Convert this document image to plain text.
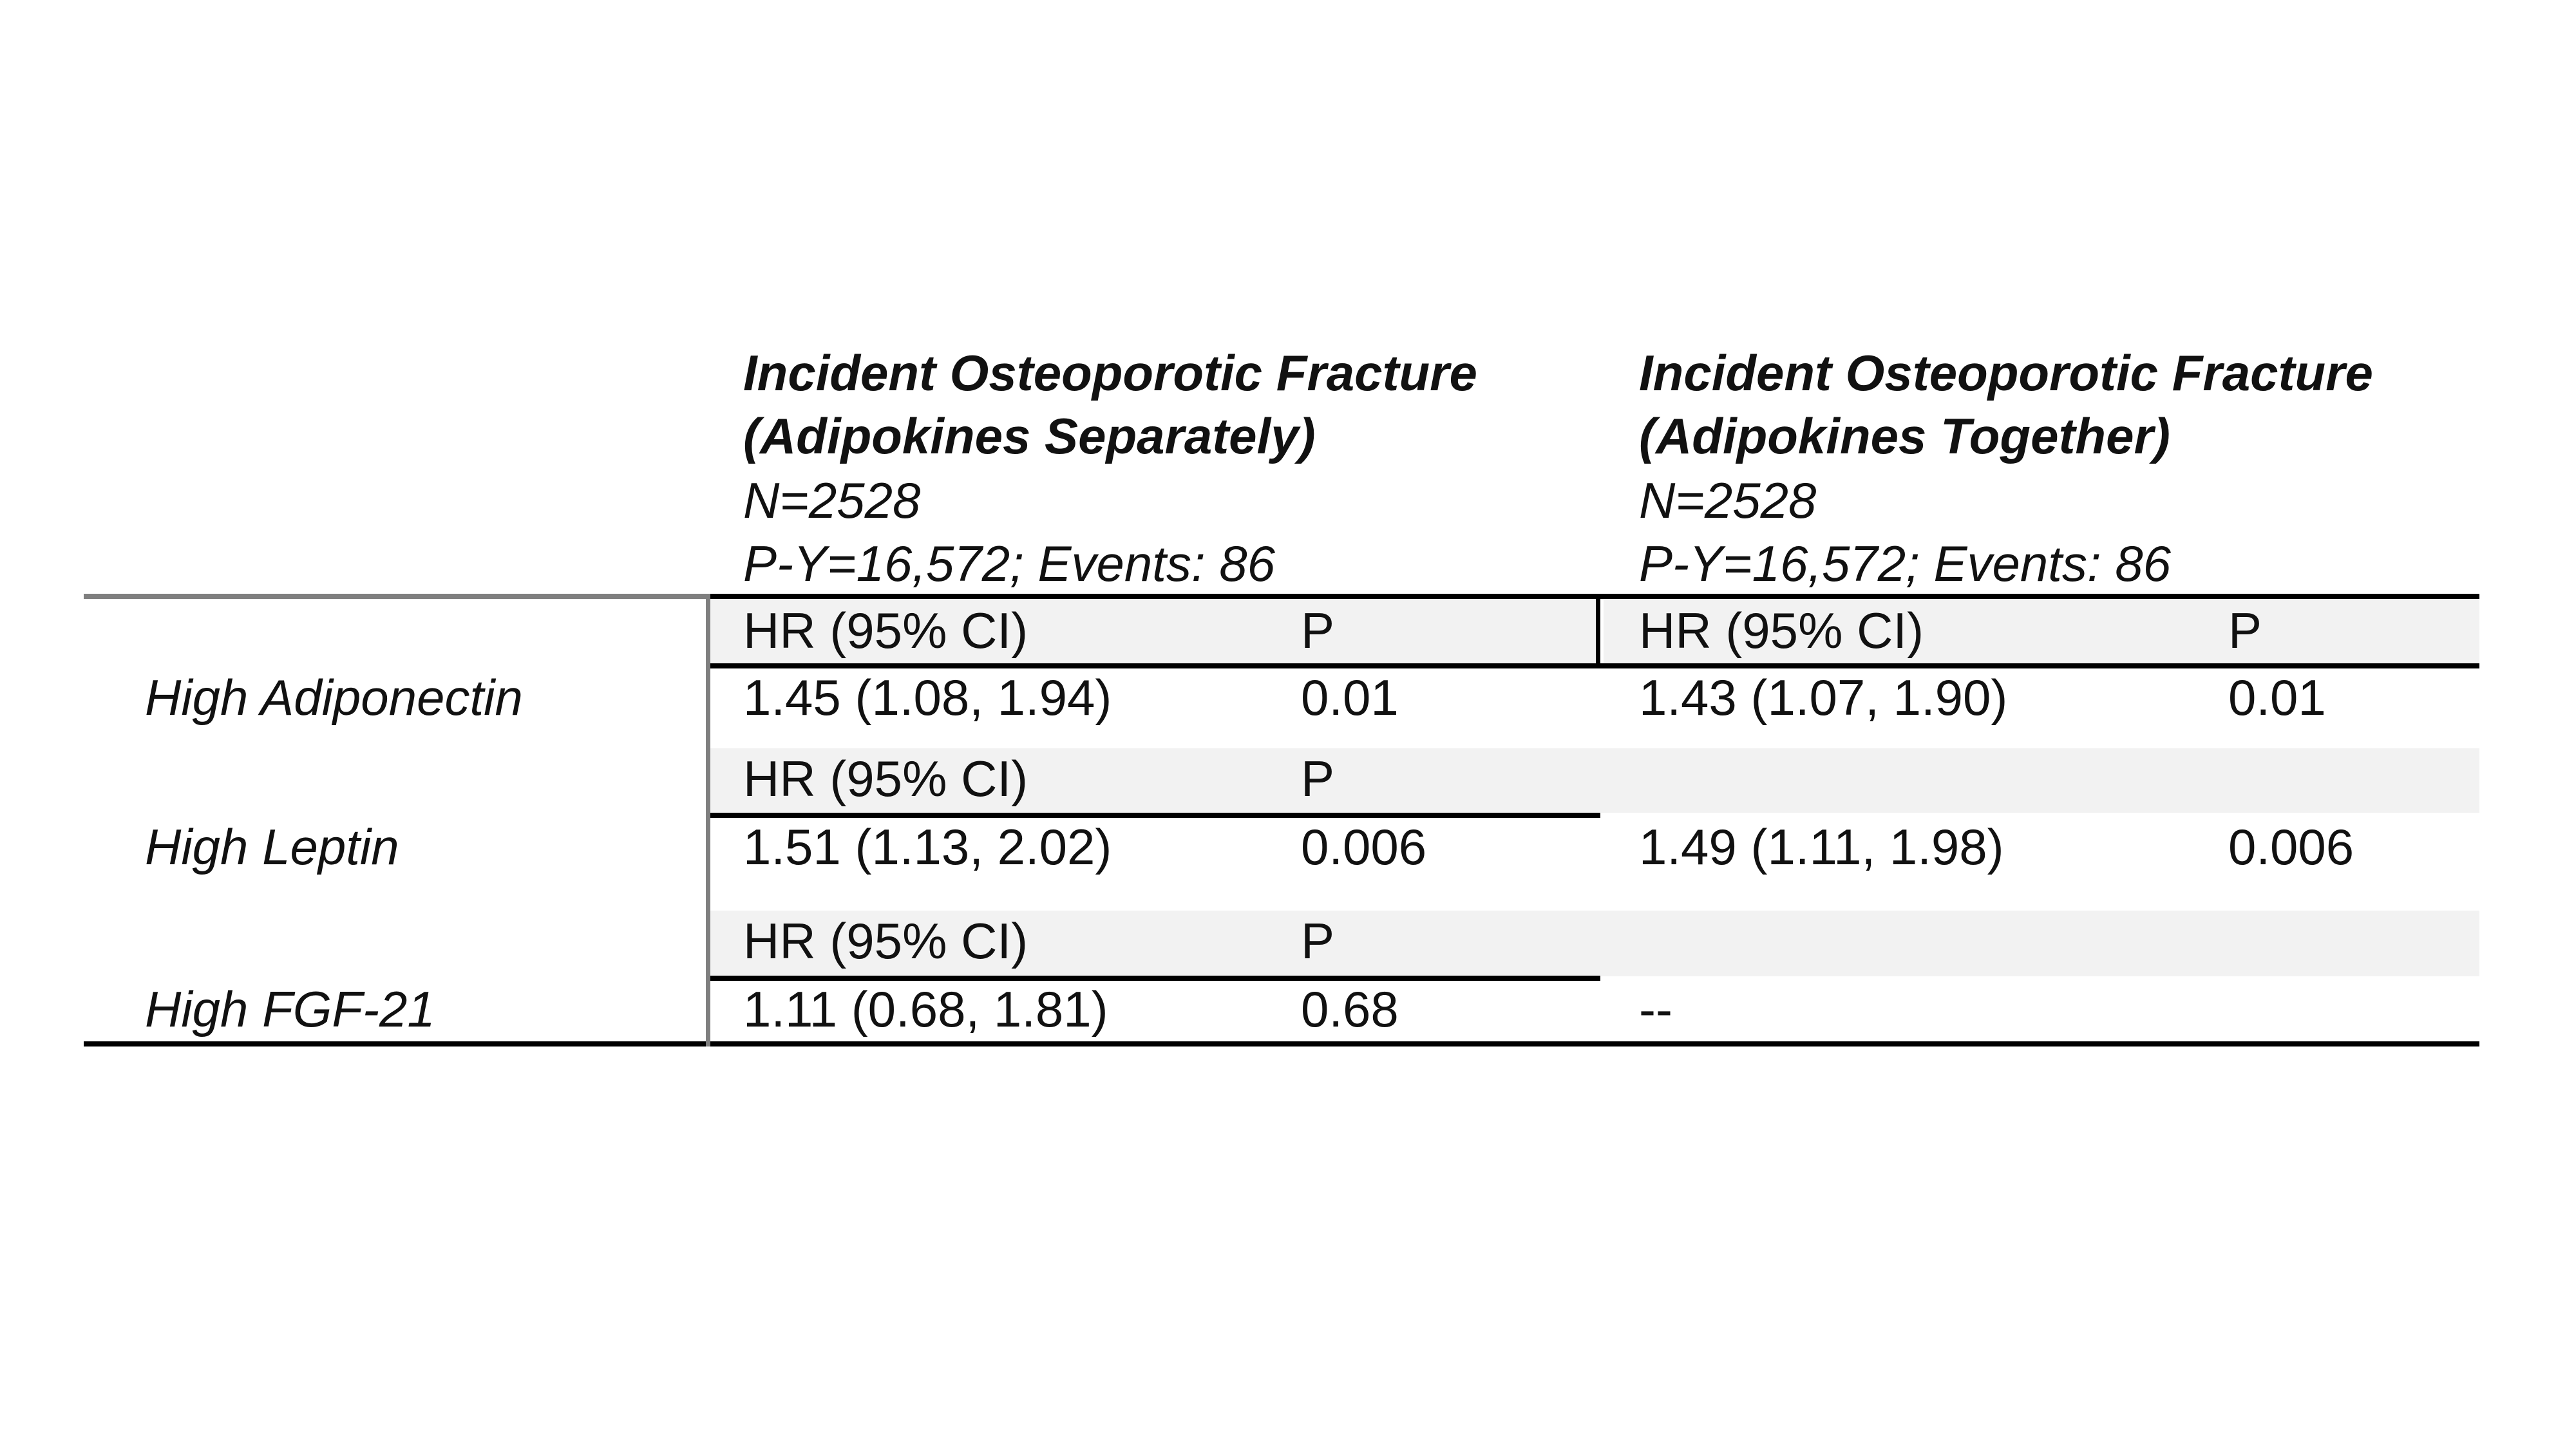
Incident Osteoporotic Fracture
(Adipokines Separately)
N=2528
P-Y=16,572; Events: 86
Incident Osteoporotic Fracture
(Adipokines Together)
N=2528
P-Y=16,572; Events: 86
HR (95% CI)	P	HR (95% CI)	P
High Adiponectin	1.45 (1.08, 1.94)	0.01	1.43 (1.07, 1.90)	0.01
HR (95% CI)	P
High Leptin	1.51 (1.13, 2.02)	0.006	1.49 (1.11, 1.98)	0.006
HR (95% CI)	P
High FGF-21	1.11 (0.68, 1.81)	0.68	--
